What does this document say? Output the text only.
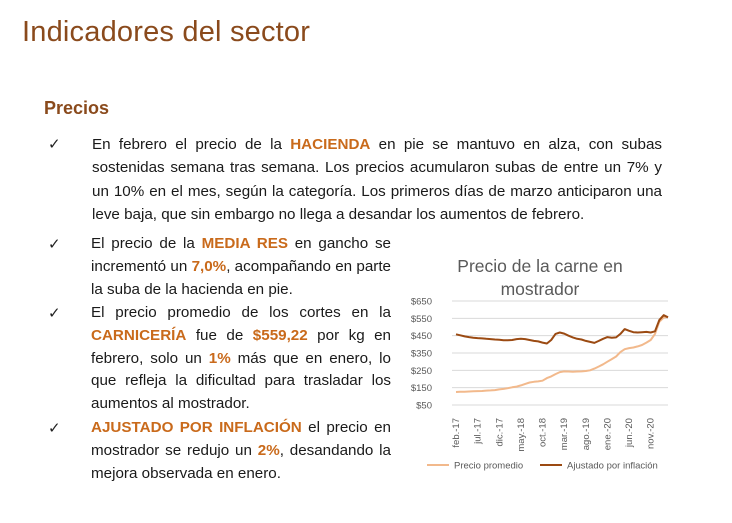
Indicadores del sector
Precios
✓ En febrero el precio de la HACIENDA en pie se mantuvo en alza, con subas sostenidas semana tras semana. Los precios acumularon subas de entre un 7% y un 10% en el mes, según la categoría. Los primeros días de marzo anticiparon una leve baja, que sin embargo no llega a desandar los aumentos de febrero.
✓ El precio de la MEDIA RES en gancho se incrementó un 7,0%, acompañando en parte la suba de la hacienda en pie.
✓ El precio promedio de los cortes en la CARNICERÍA fue de $559,22 por kg en febrero, solo un 1% más que en enero, lo que refleja la dificultad para trasladar los aumentos al mostrador.
✓ AJUSTADO POR INFLACIÓN el precio en mostrador se redujo un 2%, desandando la mejora observada en enero.
Precio de la carne en mostrador
$650
$550
$450
$350
$250
$150
$50
feb.-17 jul.-17 dic.-17 may.-18 oct.-18 mar.-19 ago.-19 ene.-20 jun.-20 nov.-20
Precio promedio	Ajustado por inflación
